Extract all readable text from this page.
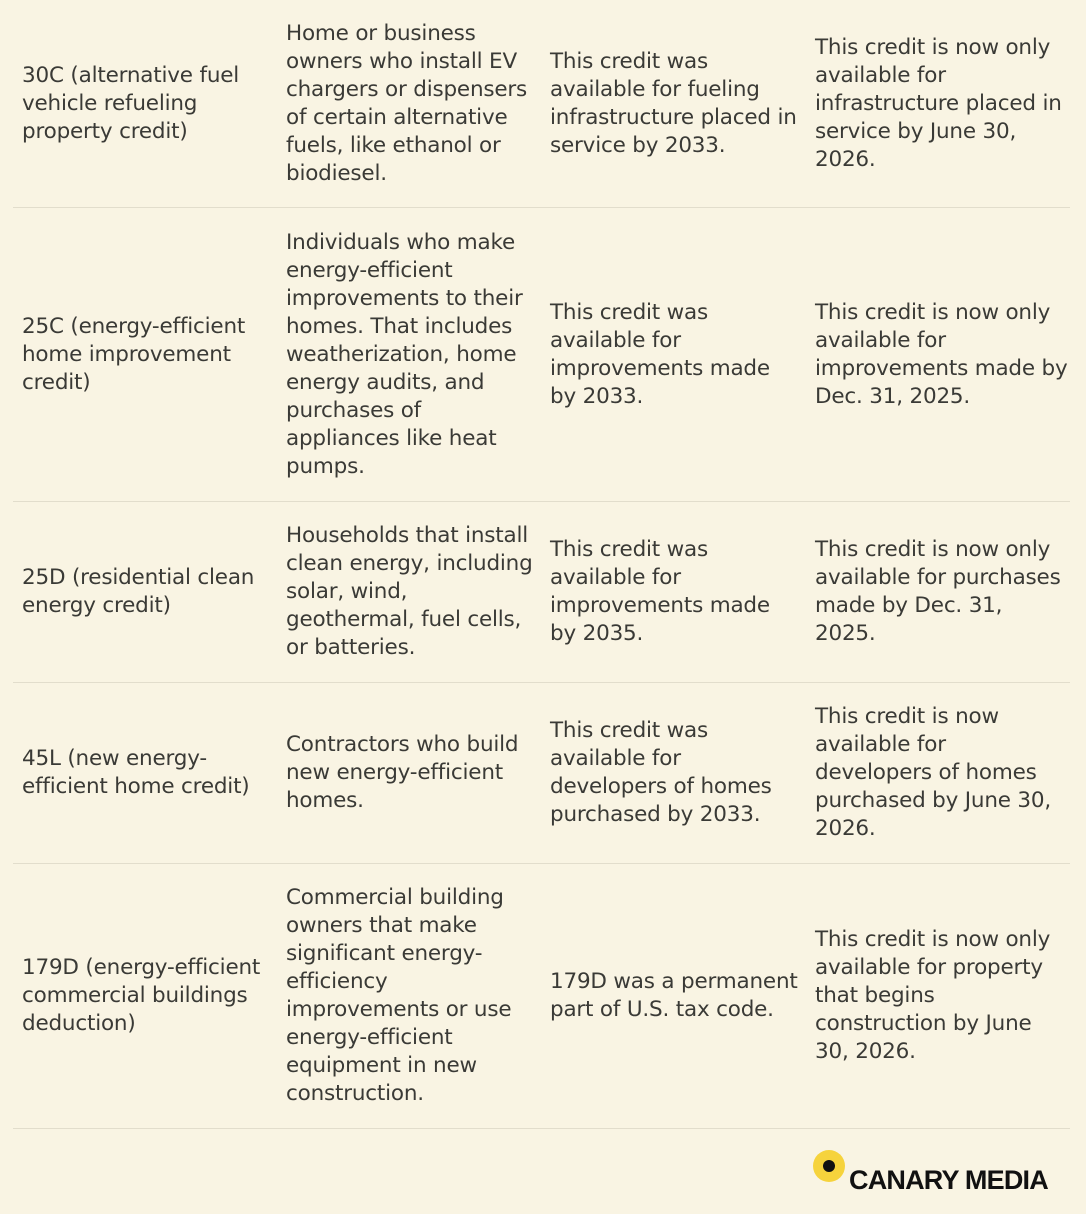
30C (alternative fuel vehicle refueling property credit)
Home or business owners who install EV chargers or dispensers of certain alternative fuels, like ethanol or biodiesel.
This credit was available for fueling infrastructure placed in service by 2033.
This credit is now only available for infrastructure placed in service by June 30, 2026.
25C (energy-efficient home improvement credit)
Individuals who make energy-efficient improvements to their homes. That includes weatherization, home energy audits, and purchases of appliances like heat pumps.
This credit was available for improvements made by 2033.
This credit is now only available for improvements made by Dec. 31, 2025.
25D (residential clean energy credit)
Households that install clean energy, including solar, wind, geothermal, fuel cells, or batteries.
This credit was available for improvements made by 2035.
This credit is now only available for purchases made by Dec. 31, 2025.
45L (new energy-efficient home credit)
Contractors who build new energy-efficient homes.
This credit was available for developers of homes purchased by 2033.
This credit is now available for developers of homes purchased by June 30, 2026.
179D (energy-efficient commercial buildings deduction)
Commercial building owners that make significant energy-efficiency improvements or use energy-efficient equipment in new construction.
179D was a permanent part of U.S. tax code.
This credit is now only available for property that begins construction by June 30, 2026.
CANARY MEDIA
